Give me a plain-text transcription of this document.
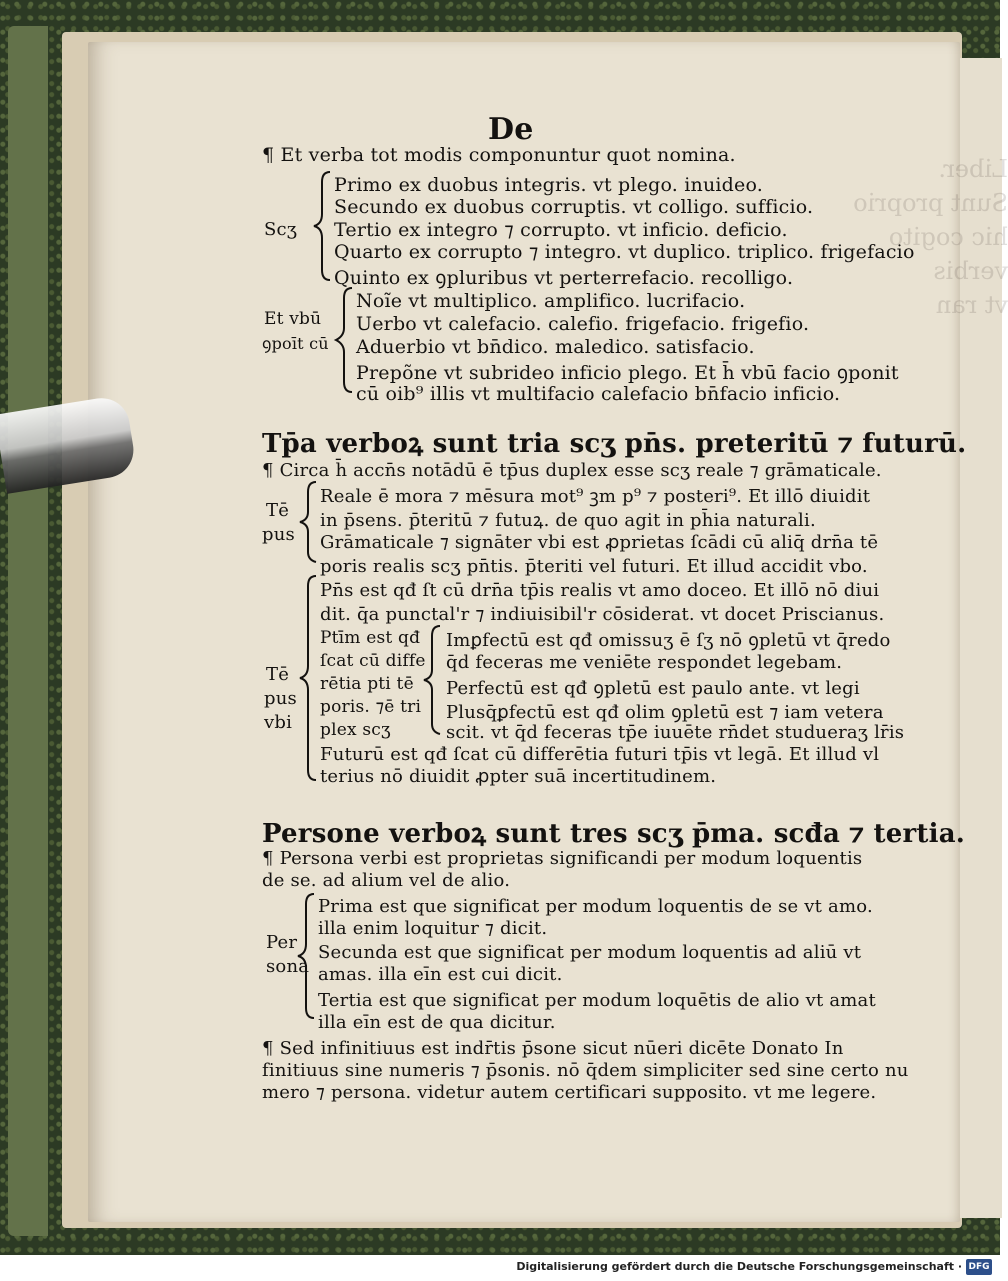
Liber.
Sunt proprio
hic cogito
verbis
vt ran
De
¶ Et verba tot modis componuntur quot nomina.
Primo ex duobus integris. vt plego. inuideo.
Secundo ex duobus corruptis. vt colligo. sufficio.
Tertio ex integro ⁊ corrupto. vt inficio. deficio.
Quarto ex corrupto ⁊ integro. vt duplico. triplico. frigefacio
Quinto ex ꝯpluribus vt perterrefacio. recolligo.
Noĩe vt multiplico. amplifico. lucrifacio.
Uerbo vt calefacio. calefio. frigefacio. frigefio.
Aduerbio vt bn̄dico. maledico. satisfacio.
Prepõne vt subrideo inficio plego. Et h̄ vbū facio ꝯponit
cū oib⁹ illis vt multifacio calefacio bn̄facio inficio.
Tp̄a verboꝝ sunt tria scʒ pn̄s. preteritū ⁊ futurū.
¶ Circa h̄ accn̄s notādū ē tp̄us duplex esse scʒ reale ⁊ grāmaticale.
Reale ē mora ⁊ mēsura mot⁹ ꝫm p⁹ ⁊ posteri⁹. Et illō diuidit
in p̄sens. p̄teritū ⁊ futuꝝ. de quo agit in ph̄ia naturali.
Grāmaticale ⁊ signāter vbi est ꝓprietas ſcādi cū aliq̄ drn̄a tē
poris realis scʒ pn̄tis. p̄teriti vel futuri. Et illud accidit vbo.
Pn̄s est qđ ſt cū drn̄a tp̄is realis vt amo doceo. Et illō nō diui
dit. q̄a punctal'r ⁊ indiuisibil'r cōsiderat. vt docet Priscianus.
Ptīm est qđ
ſcat cū diffe
rētia pti tē
poris. ⁊ē tri
plex scʒ
Imꝑfectū est qđ omissuʒ ē ſʒ nō ꝯpletū vt q̄redo
q̄d feceras me veniēte respondet legebam.
Perfectū est qđ ꝯpletū est paulo ante. vt legi
Plusq̄ꝑfectū est qđ olim ꝯpletū est ⁊ iam vetera
scit. vt q̄d feceras tp̄e iuuēte rn̄det studueraʒ lr̄is
Futurū est qđ ſcat cū differētia futuri tp̄is vt legā. Et illud vl
terius nō diuidit ꝓpter suā incertitudinem.
Persone verboꝝ sunt tres scʒ p̄ma. scđa ⁊ tertia.
¶ Persona verbi est proprietas significandi per modum loquentis
de se. ad alium vel de alio.
Prima est que significat per modum loquentis de se vt amo.
illa enim loquitur ⁊ dicit.
Secunda est que significat per modum loquentis ad aliū vt
amas. illa eīn est cui dicit.
Tertia est que significat per modum loquētis de alio vt amat
illa eīn est de qua dicitur.
¶ Sed infinitiuus est indr̄tis p̄sone sicut nūeri dicēte Donato In
finitiuus sine numeris ⁊ p̄sonis. nō q̄dem simpliciter sed sine certo nu
mero ⁊ persona. videtur autem certificari supposito. vt me legere.
Scʒ
Et vbū
ꝯpoīt cū
Tē
pus
Tē
pus
vbi
Per
sona
Digitalisierung gefördert durch die Deutsche Forschungsgemeinschaft · DFG
